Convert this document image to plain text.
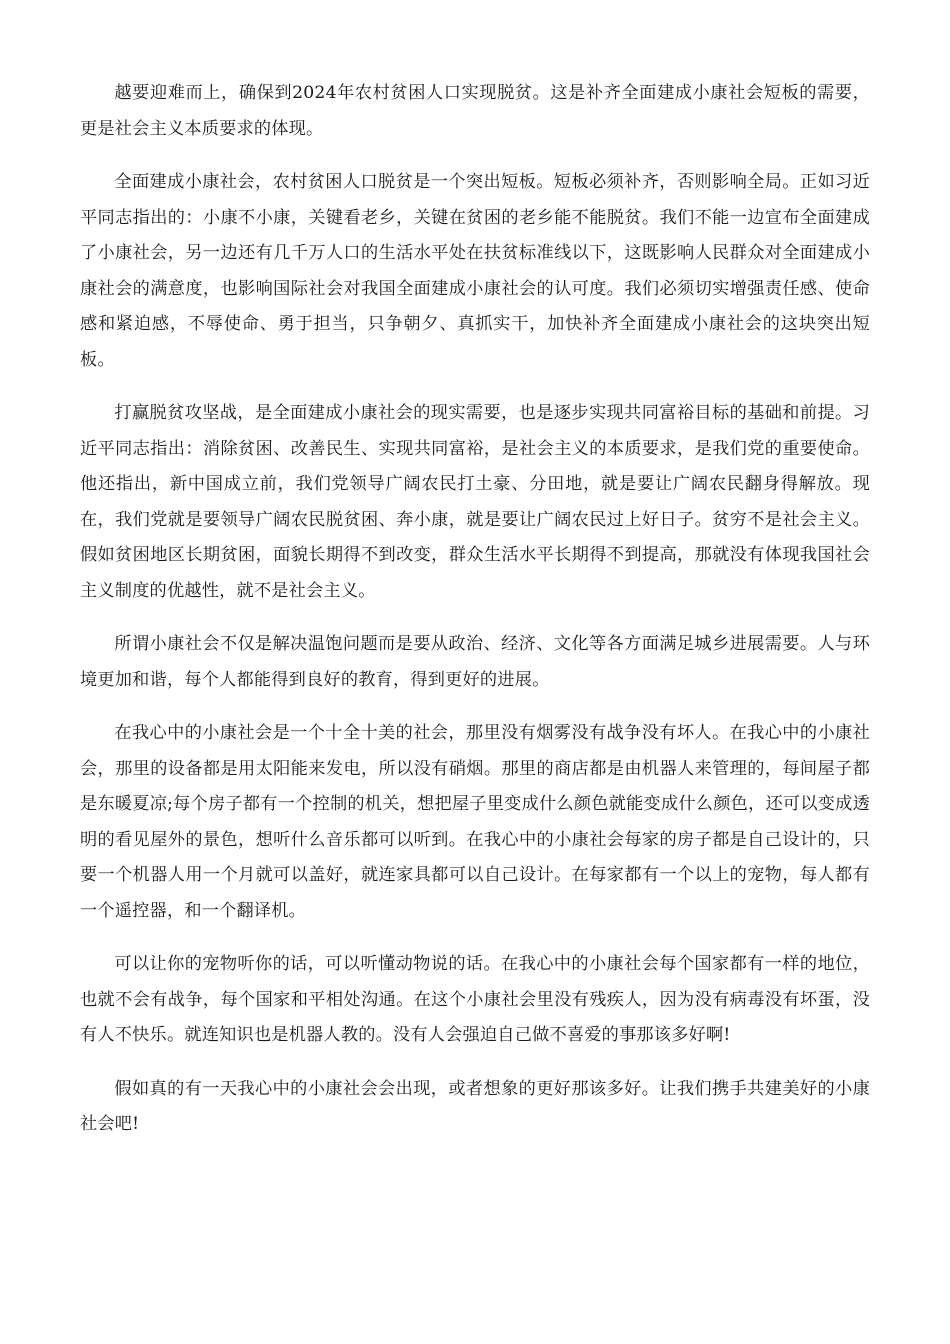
越要迎难而上，确保到2024年农村贫困人口实现脱贫。这是补齐全面建成小康社会短板的需要，更是社会主义本质要求的体现。

全面建成小康社会，农村贫困人口脱贫是一个突出短板。短板必须补齐，否则影响全局。正如习近平同志指出的：小康不小康，关键看老乡，关键在贫困的老乡能不能脱贫。我们不能一边宣布全面建成了小康社会，另一边还有几千万人口的生活水平处在扶贫标准线以下，这既影响人民群众对全面建成小康社会的满意度，也影响国际社会对我国全面建成小康社会的认可度。我们必须切实增强责任感、使命感和紧迫感，不辱使命、勇于担当，只争朝夕、真抓实干，加快补齐全面建成小康社会的这块突出短板。

打赢脱贫攻坚战，是全面建成小康社会的现实需要，也是逐步实现共同富裕目标的基础和前提。习近平同志指出：消除贫困、改善民生、实现共同富裕，是社会主义的本质要求，是我们党的重要使命。他还指出，新中国成立前，我们党领导广阔农民打土豪、分田地，就是要让广阔农民翻身得解放。现在，我们党就是要领导广阔农民脱贫困、奔小康，就是要让广阔农民过上好日子。贫穷不是社会主义。假如贫困地区长期贫困，面貌长期得不到改变，群众生活水平长期得不到提高，那就没有体现我国社会主义制度的优越性，就不是社会主义。

所谓小康社会不仅是解决温饱问题而是要从政治、经济、文化等各方面满足城乡进展需要。人与环境更加和谐，每个人都能得到良好的教育，得到更好的进展。

在我心中的小康社会是一个十全十美的社会，那里没有烟雾没有战争没有坏人。在我心中的小康社会，那里的设备都是用太阳能来发电，所以没有硝烟。那里的商店都是由机器人来管理的，每间屋子都是东暖夏凉;每个房子都有一个控制的机关，想把屋子里变成什么颜色就能变成什么颜色，还可以变成透明的看见屋外的景色，想听什么音乐都可以听到。在我心中的小康社会每家的房子都是自己设计的，只要一个机器人用一个月就可以盖好，就连家具都可以自己设计。在每家都有一个以上的宠物，每人都有一个遥控器，和一个翻译机。

可以让你的宠物听你的话，可以听懂动物说的话。在我心中的小康社会每个国家都有一样的地位，也就不会有战争，每个国家和平相处沟通。在这个小康社会里没有残疾人，因为没有病毒没有坏蛋，没有人不快乐。就连知识也是机器人教的。没有人会强迫自己做不喜爱的事那该多好啊!

假如真的有一天我心中的小康社会会出现，或者想象的更好那该多好。让我们携手共建美好的小康社会吧!
